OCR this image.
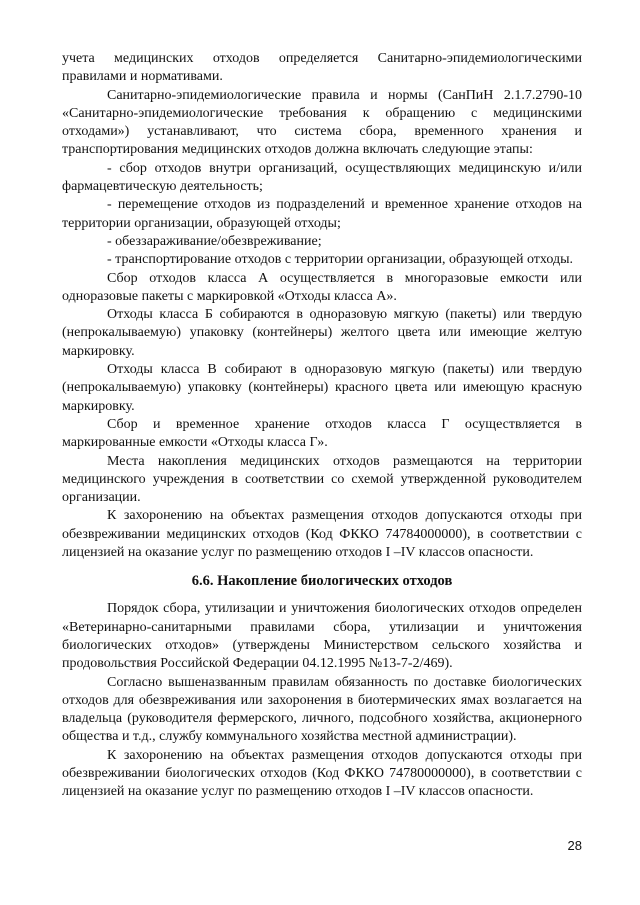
учета медицинских отходов определяется Санитарно-эпидемиологическими правилами и нормативами.

Санитарно-эпидемиологические правила и нормы (СанПиН 2.1.7.2790-10 «Санитарно-эпидемиологические требования к обращению с медицинскими отходами») устанавливают, что система сбора, временного хранения и транспортирования медицинских отходов должна включать следующие этапы:

- сбор отходов внутри организаций, осуществляющих медицинскую и/или фармацевтическую деятельность;

- перемещение отходов из подразделений и временное хранение отходов на территории организации, образующей отходы;

- обеззараживание/обезвреживание;

- транспортирование отходов с территории организации, образующей отходы.

Сбор отходов класса А осуществляется в многоразовые емкости или одноразовые пакеты с маркировкой «Отходы класса А».

Отходы класса Б собираются в одноразовую мягкую (пакеты) или твердую (непрокалываемую) упаковку (контейнеры) желтого цвета или имеющие желтую маркировку.

Отходы класса В собирают в одноразовую мягкую (пакеты) или твердую (непрокалываемую) упаковку (контейнеры) красного цвета или имеющую красную маркировку.

Сбор и временное хранение отходов класса Г осуществляется в маркированные емкости «Отходы класса Г».

Места накопления медицинских отходов размещаются на территории медицинского учреждения в соответствии со схемой утвержденной руководителем организации.

К захоронению на объектах размещения отходов допускаются отходы при обезвреживании медицинских отходов (Код ФККО 74784000000), в соответствии с лицензией на оказание услуг по размещению отходов I –IV классов опасности.

6.6. Накопление биологических отходов

Порядок сбора, утилизации и уничтожения биологических отходов определен «Ветеринарно-санитарными правилами сбора, утилизации и уничтожения биологических отходов» (утверждены Министерством сельского хозяйства и продовольствия Российской Федерации 04.12.1995 №13-7-2/469).

Согласно вышеназванным правилам обязанность по доставке биологических отходов для обезвреживания или захоронения в биотермических ямах возлагается на владельца (руководителя фермерского, личного, подсобного хозяйства, акционерного общества и т.д., службу коммунального хозяйства местной администрации).

К захоронению на объектах размещения отходов допускаются отходы при обезвреживании биологических отходов (Код ФККО 74780000000), в соответствии с лицензией на оказание услуг по размещению отходов I –IV классов опасности.

28
